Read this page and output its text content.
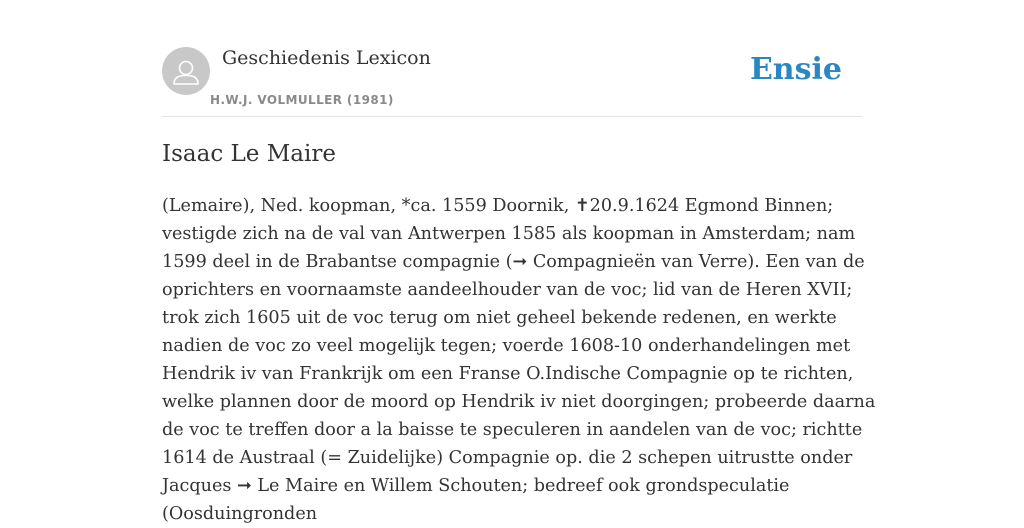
Geschiedenis Lexicon
H.W.J. VOLMULLER (1981)
Ensie
Isaac Le Maire
(Lemaire), Ned. koopman, *ca. 1559 Doornik, ✝20.9.1624 Egmond Binnen;
vestigde zich na de val van Antwerpen 1585 als koopman in Amsterdam; nam
1599 deel in de Brabantse compagnie (➞ Compagnieën van Verre). Een van de
oprichters en voornaamste aandeelhouder van de voc; lid van de Heren XVII;
trok zich 1605 uit de voc terug om niet geheel bekende redenen, en werkte
nadien de voc zo veel mogelijk tegen; voerde 1608-10 onderhandelingen met
Hendrik iv van Frankrijk om een Franse O.Indische Compagnie op te richten,
welke plannen door de moord op Hendrik iv niet doorgingen; probeerde daarna
de voc te treffen door a la baisse te speculeren in aandelen van de voc; richtte
1614 de Austraal (= Zuidelijke) Compagnie op. die 2 schepen uitrustte onder
Jacques ➞ Le Maire en Willem Schouten; bedreef ook grondspeculatie
(Oosduingronden
